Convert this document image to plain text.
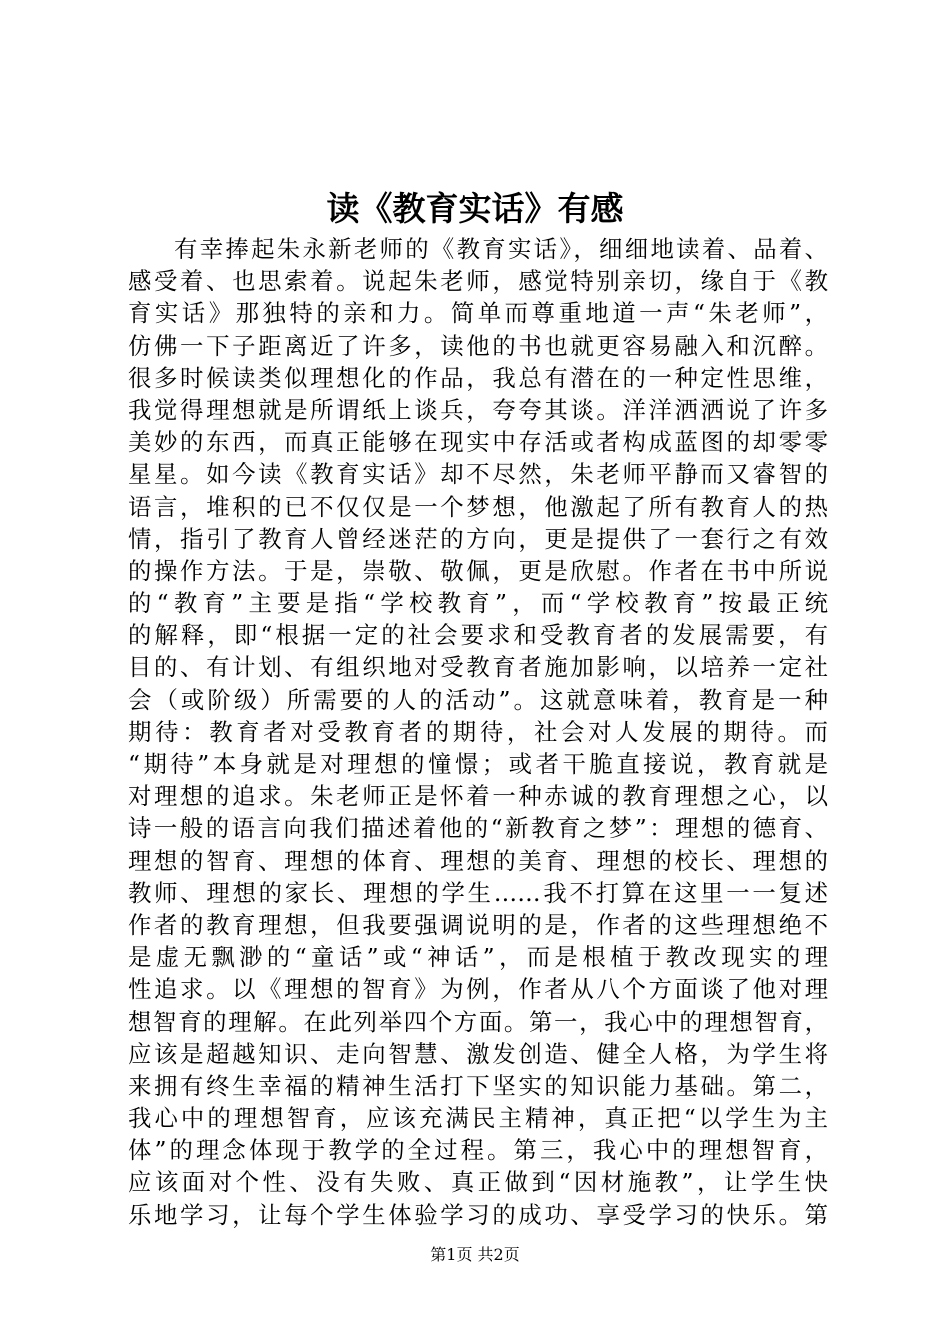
读《教育实话》有感
有幸捧起朱永新老师的《教育实话》，细细地读着、品着、
感受着、也思索着。说起朱老师，感觉特别亲切，缘自于《教
育实话》那独特的亲和力。简单而尊重地道一声“朱老师”，
仿佛一下子距离近了许多，读他的书也就更容易融入和沉醉。
很多时候读类似理想化的作品，我总有潜在的一种定性思维，
我觉得理想就是所谓纸上谈兵，夸夸其谈。洋洋洒洒说了许多
美妙的东西，而真正能够在现实中存活或者构成蓝图的却零零
星星。如今读《教育实话》却不尽然，朱老师平静而又睿智的
语言，堆积的已不仅仅是一个梦想，他激起了所有教育人的热
情，指引了教育人曾经迷茫的方向，更是提供了一套行之有效
的操作方法。于是，崇敬、敬佩，更是欣慰。作者在书中所说
的“教育”主要是指“学校教育”，而“学校教育”按最正统
的解释，即“根据一定的社会要求和受教育者的发展需要，有
目的、有计划、有组织地对受教育者施加影响，以培养一定社
会（或阶级）所需要的人的活动”。这就意味着，教育是一种
期待：教育者对受教育者的期待，社会对人发展的期待。而
“期待”本身就是对理想的憧憬；或者干脆直接说，教育就是
对理想的追求。朱老师正是怀着一种赤诚的教育理想之心，以
诗一般的语言向我们描述着他的“新教育之梦”：理想的德育、
理想的智育、理想的体育、理想的美育、理想的校长、理想的
教师、理想的家长、理想的学生……我不打算在这里一一复述
作者的教育理想，但我要强调说明的是，作者的这些理想绝不
是虚无飘渺的“童话”或“神话”，而是根植于教改现实的理
性追求。以《理想的智育》为例，作者从八个方面谈了他对理
想智育的理解。在此列举四个方面。第一，我心中的理想智育，
应该是超越知识、走向智慧、激发创造、健全人格，为学生将
来拥有终生幸福的精神生活打下坚实的知识能力基础。第二，
我心中的理想智育，应该充满民主精神，真正把“以学生为主
体”的理念体现于教学的全过程。第三，我心中的理想智育，
应该面对个性、没有失败、真正做到“因材施教”，让学生快
乐地学习，让每个学生体验学习的成功、享受学习的快乐。第
第1页 共2页
